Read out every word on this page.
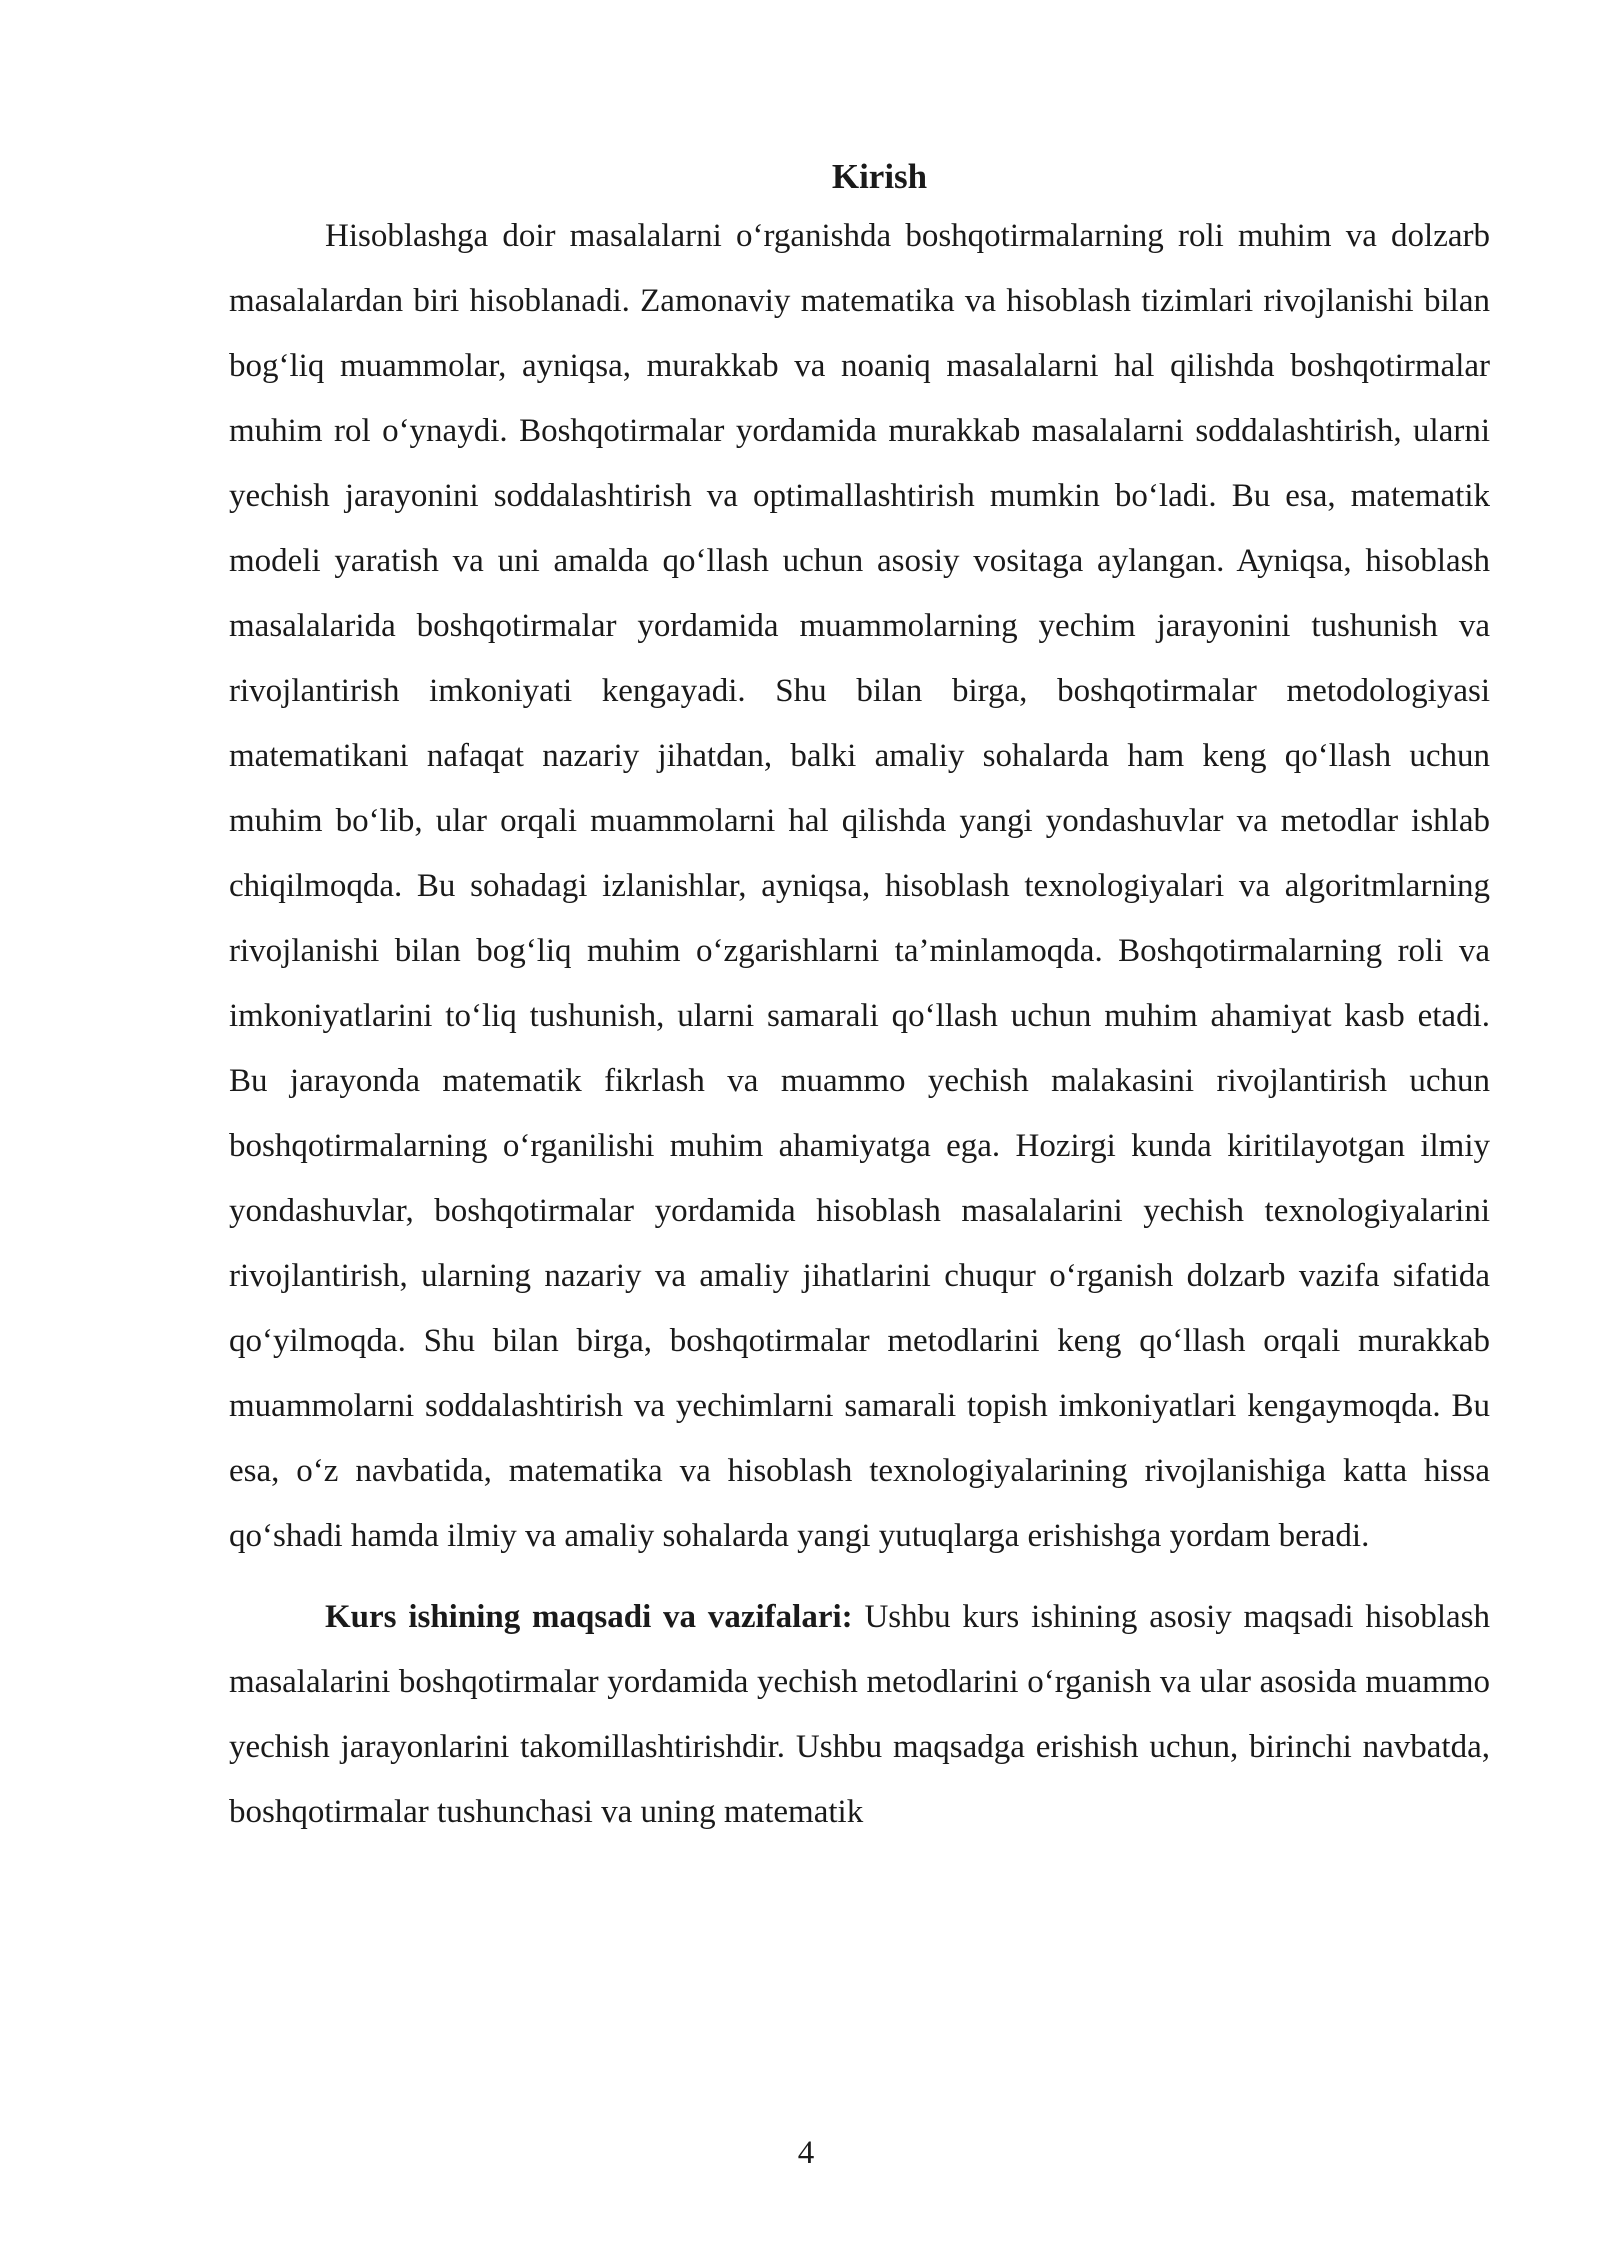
Kirish

Hisoblashga doir masalalarni o‘rganishda boshqotirmalarning roli muhim va dolzarb masalalardan biri hisoblanadi. Zamonaviy matematika va hisoblash tizimlari rivojlanishi bilan bog‘liq muammolar, ayniqsa, murakkab va noaniq masalalarni hal qilishda boshqotirmalar muhim rol o‘ynaydi. Boshqotirmalar yordamida murakkab masalalarni soddalashtirish, ularni yechish jarayonini soddalashtirish va optimallashtirish mumkin bo‘ladi. Bu esa, matematik modeli yaratish va uni amalda qo‘llash uchun asosiy vositaga aylangan. Ayniqsa, hisoblash masalalarida boshqotirmalar yordamida muammolarning yechim jarayonini tushunish va rivojlantirish imkoniyati kengayadi. Shu bilan birga, boshqotirmalar metodologiyasi matematikani nafaqat nazariy jihatdan, balki amaliy sohalarda ham keng qo‘llash uchun muhim bo‘lib, ular orqali muammolarni hal qilishda yangi yondashuvlar va metodlar ishlab chiqilmoqda. Bu sohadagi izlanishlar, ayniqsa, hisoblash texnologiyalari va algoritmlarning rivojlanishi bilan bog‘liq muhim o‘zgarishlarni ta’minlamoqda. Boshqotirmalarning roli va imkoniyatlarini to‘liq tushunish, ularni samarali qo‘llash uchun muhim ahamiyat kasb etadi. Bu jarayonda matematik fikrlash va muammo yechish malakasini rivojlantirish uchun boshqotirmalarning o‘rganilishi muhim ahamiyatga ega. Hozirgi kunda kiritilayotgan ilmiy yondashuvlar, boshqotirmalar yordamida hisoblash masalalarini yechish texnologiyalarini rivojlantirish, ularning nazariy va amaliy jihatlarini chuqur o‘rganish dolzarb vazifa sifatida qo‘yilmoqda. Shu bilan birga, boshqotirmalar metodlarini keng qo‘llash orqali murakkab muammolarni soddalashtirish va yechimlarni samarali topish imkoniyatlari kengaymoqda. Bu esa, o‘z navbatida, matematika va hisoblash texnologiyalarining rivojlanishiga katta hissa qo‘shadi hamda ilmiy va amaliy sohalarda yangi yutuqlarga erishishga yordam beradi.

Kurs ishining maqsadi va vazifalari: Ushbu kurs ishining asosiy maqsadi hisoblash masalalarini boshqotirmalar yordamida yechish metodlarini o‘rganish va ular asosida muammo yechish jarayonlarini takomillashtirishdir. Ushbu maqsadga erishish uchun, birinchi navbatda, boshqotirmalar tushunchasi va uning matematik

4
